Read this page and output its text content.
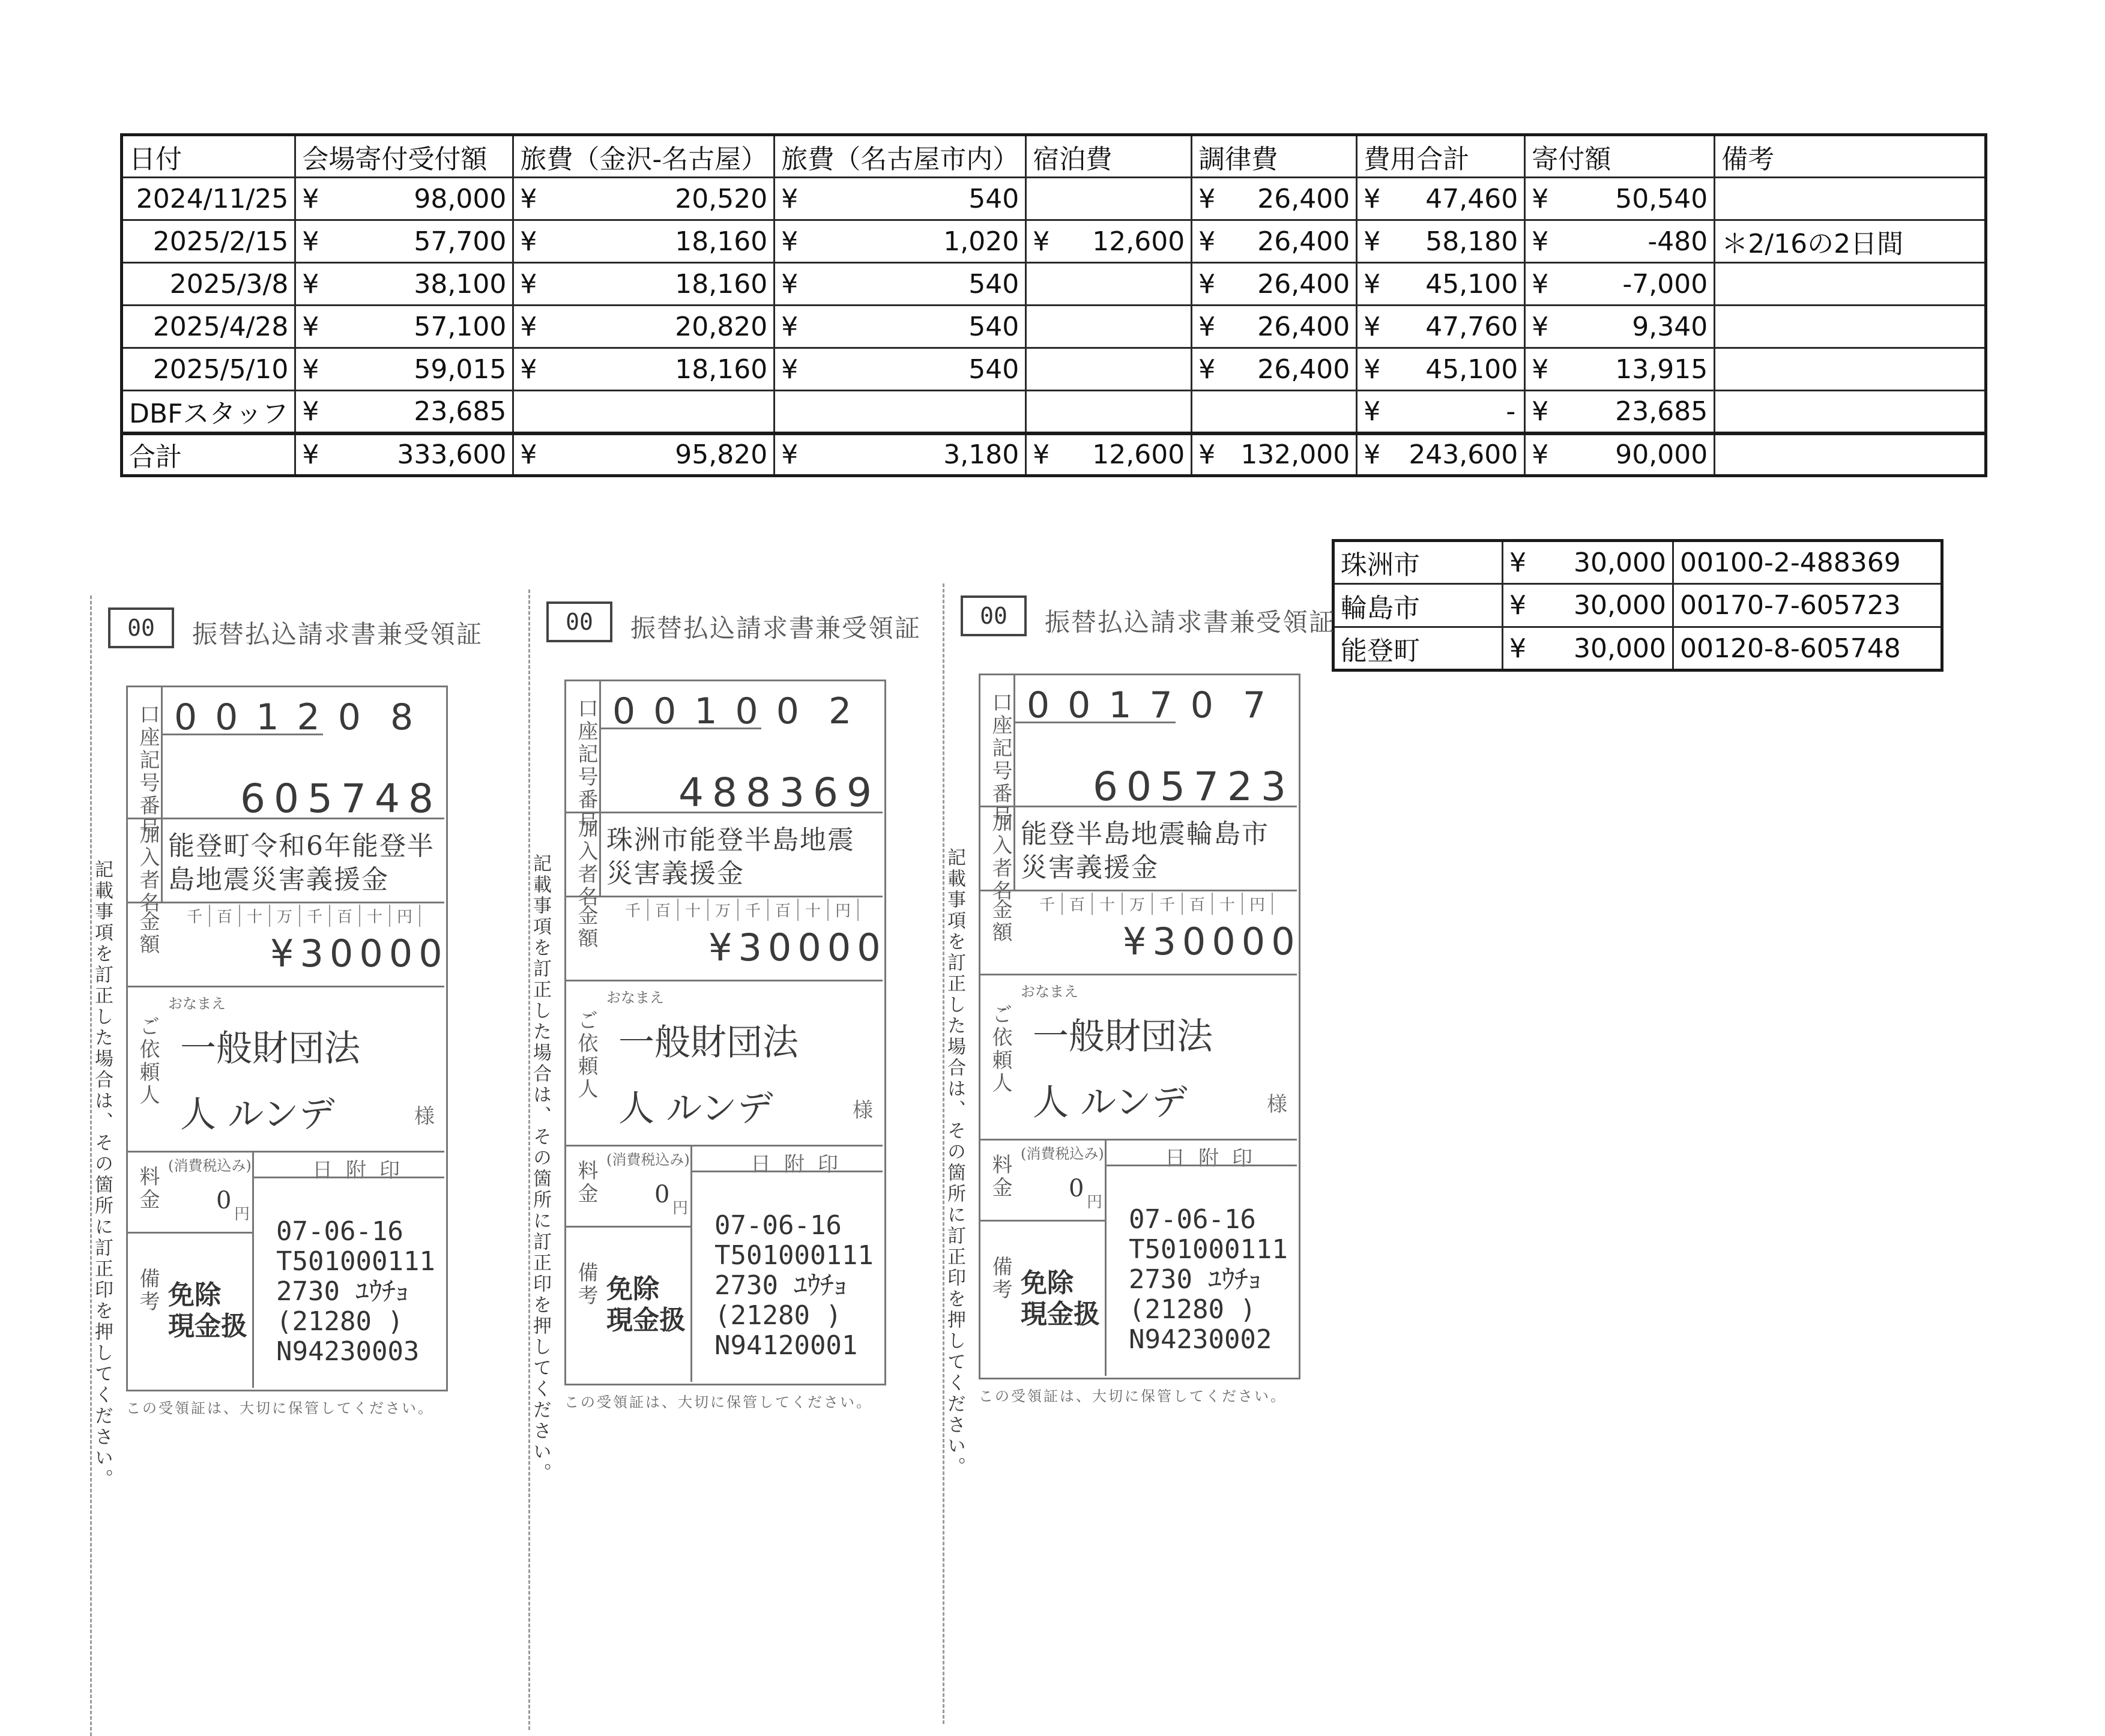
日付	会場寄付受付額	旅費（金沢-名古屋）	旅費（名古屋市内）	宿泊費	調律費	費用合計	寄付額	備考
2024/11/25	¥ 98,000	¥ 20,520	¥ 540		¥ 26,400	¥ 47,460	¥ 50,540	

2025/2/15	¥ 57,700	¥ 18,160	¥ 1,020	¥ 12,600	¥ 26,400	¥ 58,180	¥ -480	＊2/16の2日間
2025/3/8	¥ 38,100	¥ 18,160	¥ 540		¥ 26,400	¥ 45,100	¥ -7,000	

2025/4/28	¥ 57,100	¥ 20,820	¥ 540		¥ 26,400	¥ 47,760	¥ 9,340	

2025/5/10	¥ 59,015	¥ 18,160	¥ 540		¥ 26,400	¥ 45,100	¥ 13,915	

DBFスタッフ	¥ 23,685					¥ -	¥ 23,685	

合計	¥ 333,600	¥ 95,820	¥ 3,180	¥ 12,600	¥ 132,000	¥ 243,600	¥ 90,000	

珠洲市	¥	30,000	00100-2-488369
輪島市	¥	30,000	00170-7-605723
能登町	¥	30,000	00120-8-605748
00	振替払込請求書兼受領証
記載事項を訂正した場合は、その箇所に訂正印を押してください。
口座記号番号 00120 8
605748
加入者名 能登町令和6年能登半島地震災害義援金
金額	千 百 十 万 千 百 十 円
¥30000
おなまえ
ご依頼人 一般財団法人 ルンデ	様
料金 (消費税込み)	日附印
0 円
備考 免除
現金扱
07-06-16
T501000111
2730 ﾕｳﾁｮ
(21280 )
N94230003
この受領証は、大切に保管してください。
00	振替払込請求書兼受領証
記載事項を訂正した場合は、その箇所に訂正印を押してください。
口座記号番号 00100 2
488369
加入者名 珠洲市能登半島地震災害義援金
金額	千 百 十 万 千 百 十 円
¥30000
おなまえ
ご依頼人 一般財団法人 ルンデ	様
料金 (消費税込み)	日附印
0 円
備考 免除
現金扱
07-06-16
T501000111
2730 ﾕｳﾁｮ
(21280 )
N94120001
この受領証は、大切に保管してください。
00	振替払込請求書兼受領証
記載事項を訂正した場合は、その箇所に訂正印を押してください。
口座記号番号 00170 7
605723
加入者名 能登半島地震輪島市災害義援金
金額	千 百 十 万 千 百 十 円
¥30000
おなまえ
ご依頼人 一般財団法人 ルンデ	様
料金 (消費税込み)	日附印
0 円
備考 免除
現金扱
07-06-16
T501000111
2730 ﾕｳﾁｮ
(21280 )
N94230002
この受領証は、大切に保管してください。
